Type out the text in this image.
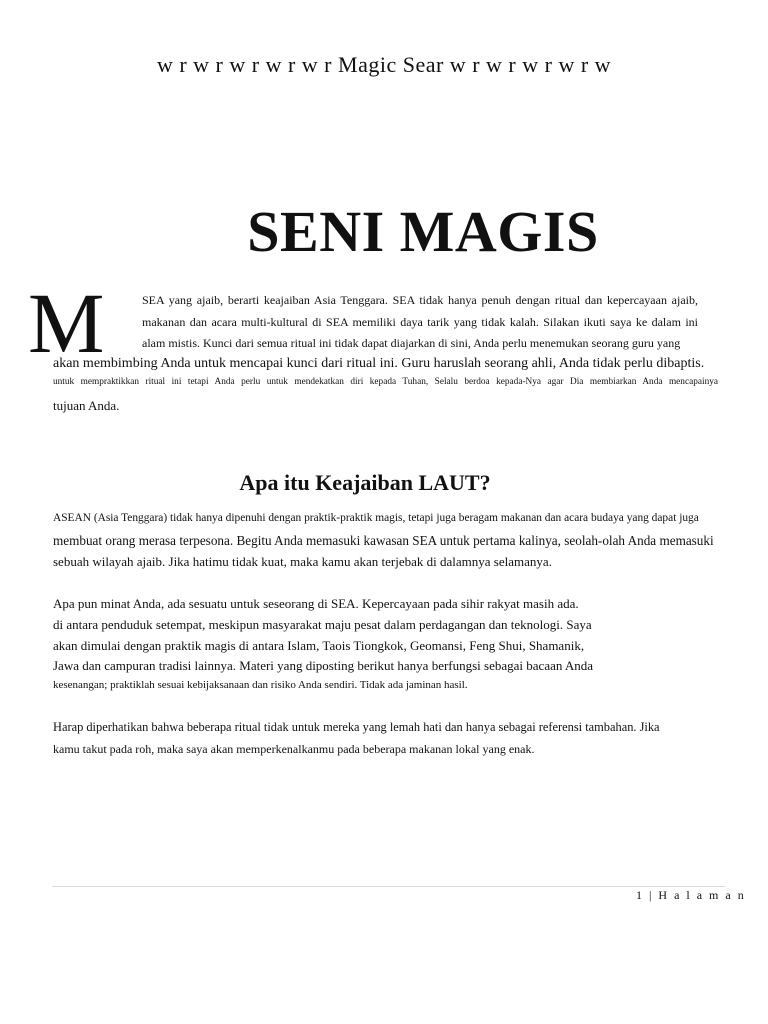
w r w r w r w r w r Magic Sear w r w r w r w r w
SENI MAGIS
M	SEA yang ajaib, berarti keajaiban Asia Tenggara. SEA tidak hanya penuh dengan ritual dan kepercayaan ajaib,
makanan dan acara multi-kultural di SEA memiliki daya tarik yang tidak kalah. Silakan ikuti saya ke dalam ini
alam mistis. Kunci dari semua ritual ini tidak dapat diajarkan di sini, Anda perlu menemukan seorang guru yang
akan membimbing Anda untuk mencapai kunci dari ritual ini. Guru haruslah seorang ahli, Anda tidak perlu dibaptis.
untuk mempraktikkan ritual ini tetapi Anda perlu untuk mendekatkan diri kepada Tuhan, Selalu berdoa kepada-Nya agar Dia membiarkan Anda mencapainya
tujuan Anda.
Apa itu Keajaiban LAUT?
ASEAN (Asia Tenggara) tidak hanya dipenuhi dengan praktik-praktik magis, tetapi juga beragam makanan dan acara budaya yang dapat juga
membuat orang merasa terpesona. Begitu Anda memasuki kawasan SEA untuk pertama kalinya, seolah-olah Anda memasuki
sebuah wilayah ajaib. Jika hatimu tidak kuat, maka kamu akan terjebak di dalamnya selamanya.
Apa pun minat Anda, ada sesuatu untuk seseorang di SEA. Kepercayaan pada sihir rakyat masih ada.
di antara penduduk setempat, meskipun masyarakat maju pesat dalam perdagangan dan teknologi. Saya
akan dimulai dengan praktik magis di antara Islam, Taois Tiongkok, Geomansi, Feng Shui, Shamanik,
Jawa dan campuran tradisi lainnya. Materi yang diposting berikut hanya berfungsi sebagai bacaan Anda
kesenangan; praktiklah sesuai kebijaksanaan dan risiko Anda sendiri. Tidak ada jaminan hasil.
Harap diperhatikan bahwa beberapa ritual tidak untuk mereka yang lemah hati dan hanya sebagai referensi tambahan. Jika
kamu takut pada roh, maka saya akan memperkenalkanmu pada beberapa makanan lokal yang enak.
1 | H a l a m a n
